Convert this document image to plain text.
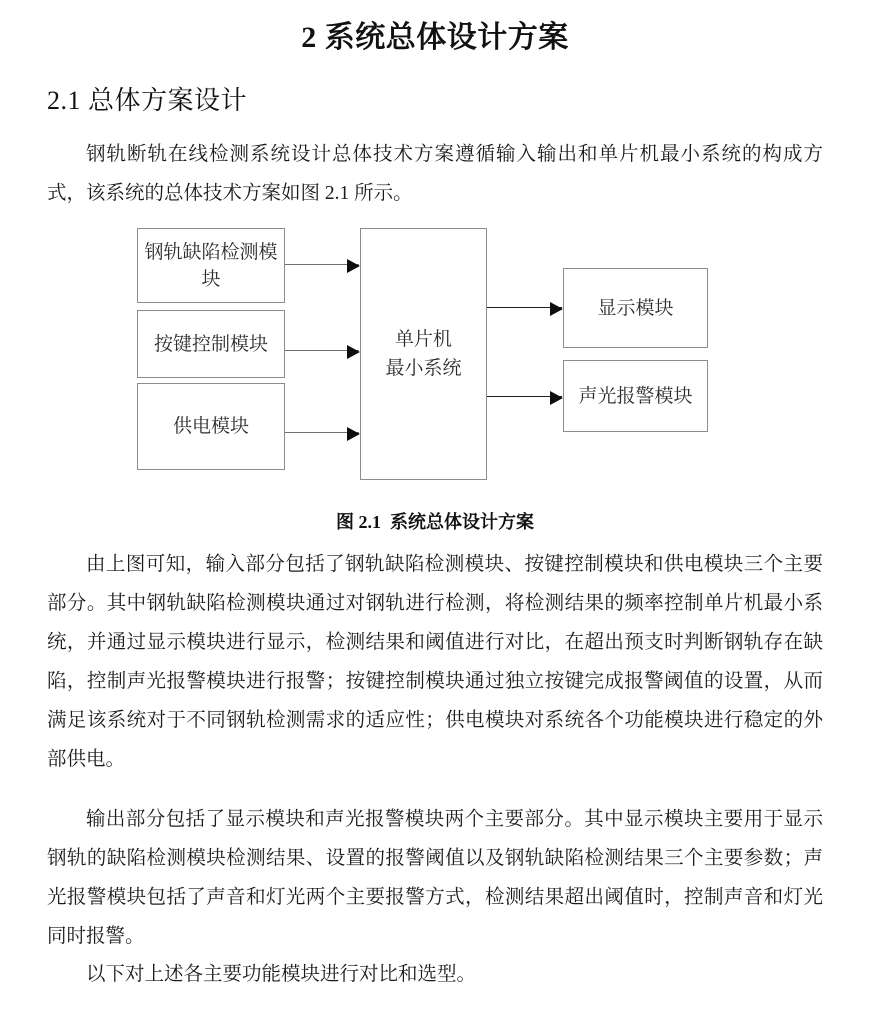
2 系统总体设计方案
2.1 总体方案设计

钢轨断轨在线检测系统设计总体技术方案遵循输入输出和单片机最小系统的构成方式，该系统的总体技术方案如图 2.1 所示。

钢轨缺陷检测模块
按键控制模块
供电模块
单片机
最小系统
显示模块
声光报警模块
图 2.1 系统总体设计方案

由上图可知，输入部分包括了钢轨缺陷检测模块、按键控制模块和供电模块三个主要部分。其中钢轨缺陷检测模块通过对钢轨进行检测，将检测结果的频率控制单片机最小系统，并通过显示模块进行显示，检测结果和阈值进行对比，在超出预支时判断钢轨存在缺陷，控制声光报警模块进行报警；按键控制模块通过独立按键完成报警阈值的设置，从而满足该系统对于不同钢轨检测需求的适应性；供电模块对系统各个功能模块进行稳定的外部供电。

输出部分包括了显示模块和声光报警模块两个主要部分。其中显示模块主要用于显示钢轨的缺陷检测模块检测结果、设置的报警阈值以及钢轨缺陷检测结果三个主要参数；声光报警模块包括了声音和灯光两个主要报警方式，检测结果超出阈值时，控制声音和灯光同时报警。

以下对上述各主要功能模块进行对比和选型。
